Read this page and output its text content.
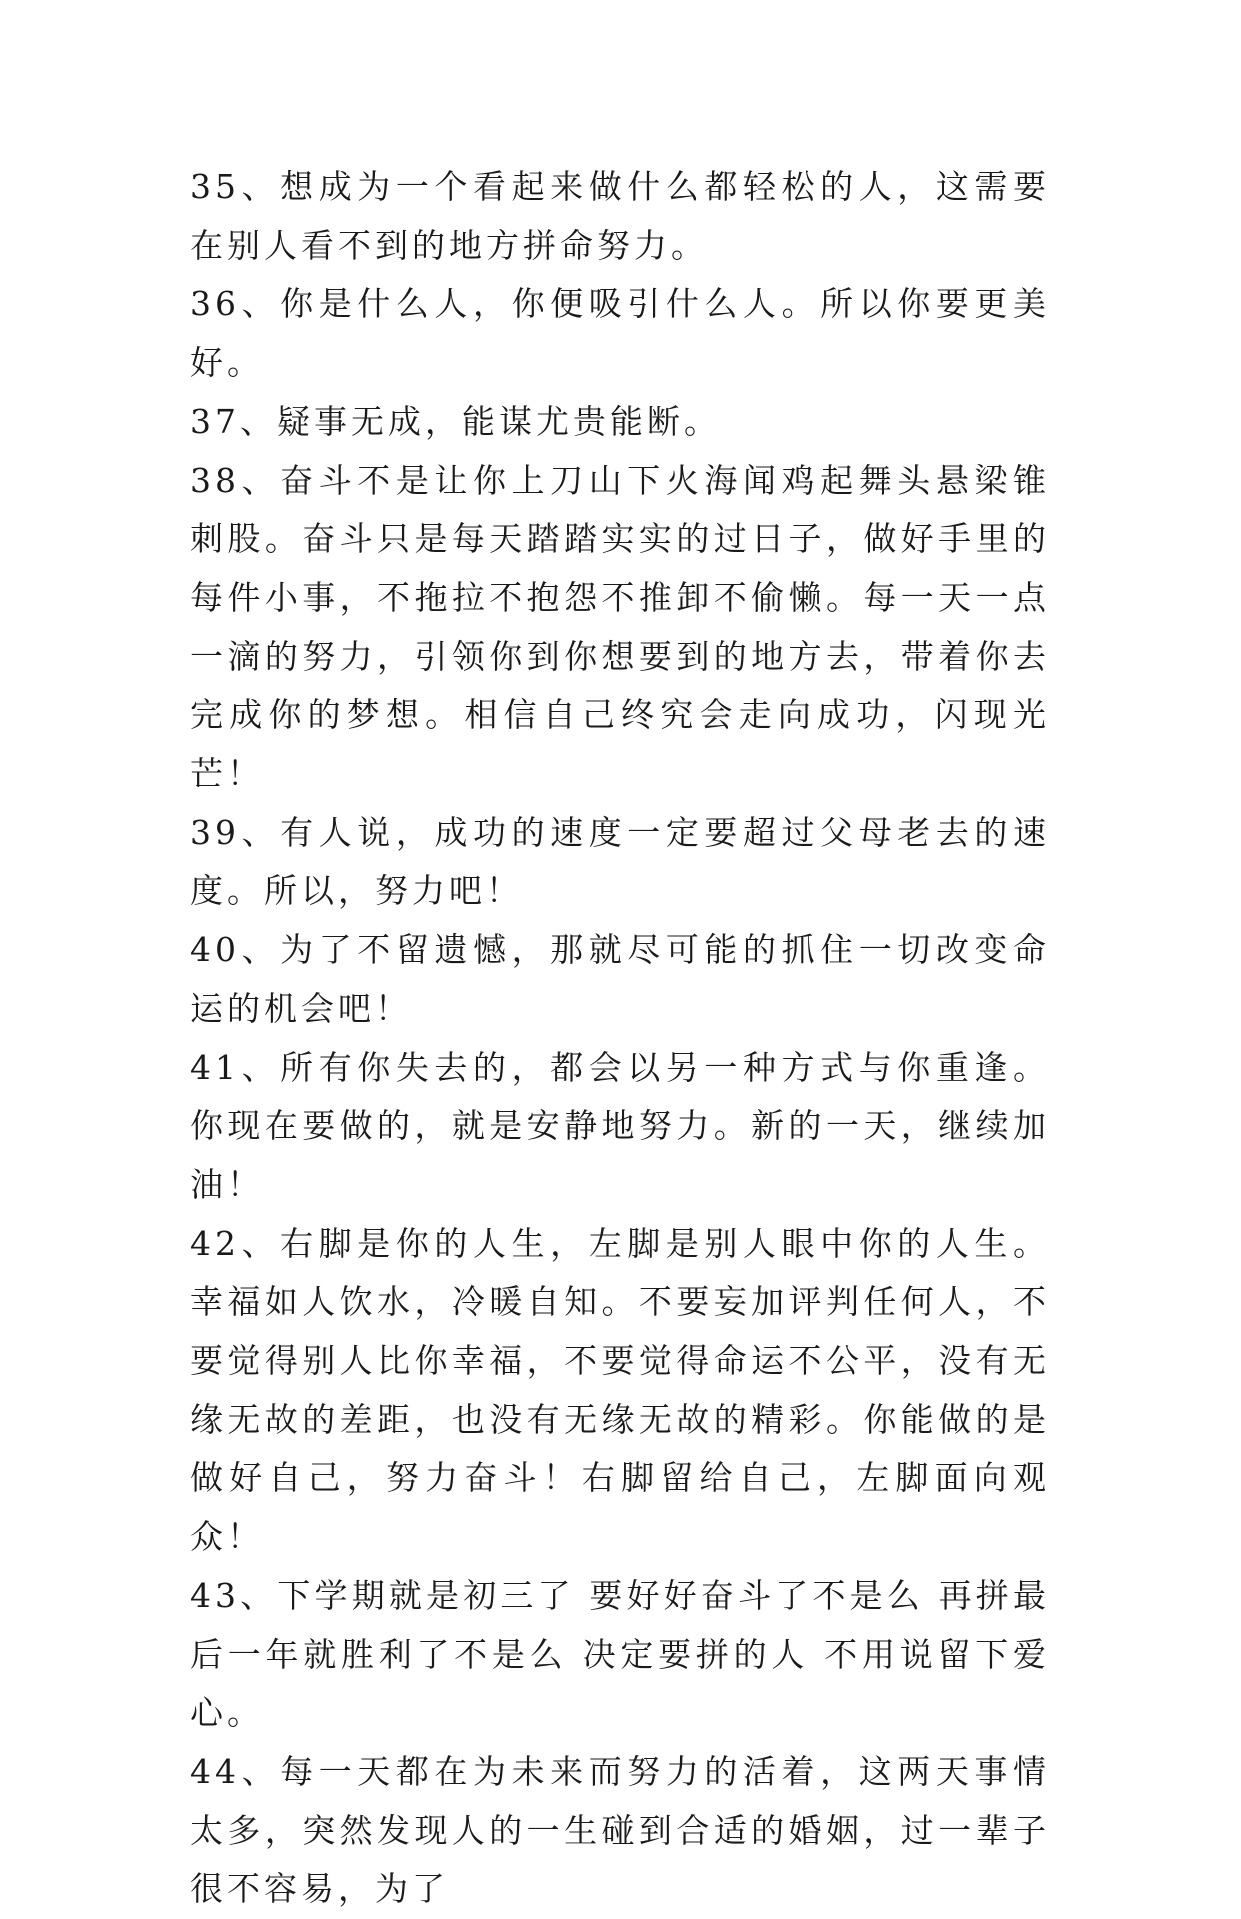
35、想成为一个看起来做什么都轻松的人，这需要在别人看不到的地方拼命努力。

36、你是什么人，你便吸引什么人。所以你要更美好。

37、疑事无成，能谋尤贵能断。

38、奋斗不是让你上刀山下火海闻鸡起舞头悬梁锥刺股。奋斗只是每天踏踏实实的过日子，做好手里的每件小事，不拖拉不抱怨不推卸不偷懒。每一天一点一滴的努力，引领你到你想要到的地方去，带着你去完成你的梦想。相信自己终究会走向成功，闪现光芒！

39、有人说，成功的速度一定要超过父母老去的速度。所以，努力吧！

40、为了不留遗憾，那就尽可能的抓住一切改变命运的机会吧！

41、所有你失去的，都会以另一种方式与你重逢。你现在要做的，就是安静地努力。新的一天，继续加油！

42、右脚是你的人生，左脚是别人眼中你的人生。幸福如人饮水，冷暖自知。不要妄加评判任何人，不要觉得别人比你幸福，不要觉得命运不公平，没有无缘无故的差距，也没有无缘无故的精彩。你能做的是做好自己，努力奋斗！右脚留给自己，左脚面向观众！

43、下学期就是初三了 要好好奋斗了不是么 再拼最后一年就胜利了不是么 决定要拼的人 不用说留下爱心。

44、每一天都在为未来而努力的活着，这两天事情太多，突然发现人的一生碰到合适的婚姻，过一辈子很不容易，为了
